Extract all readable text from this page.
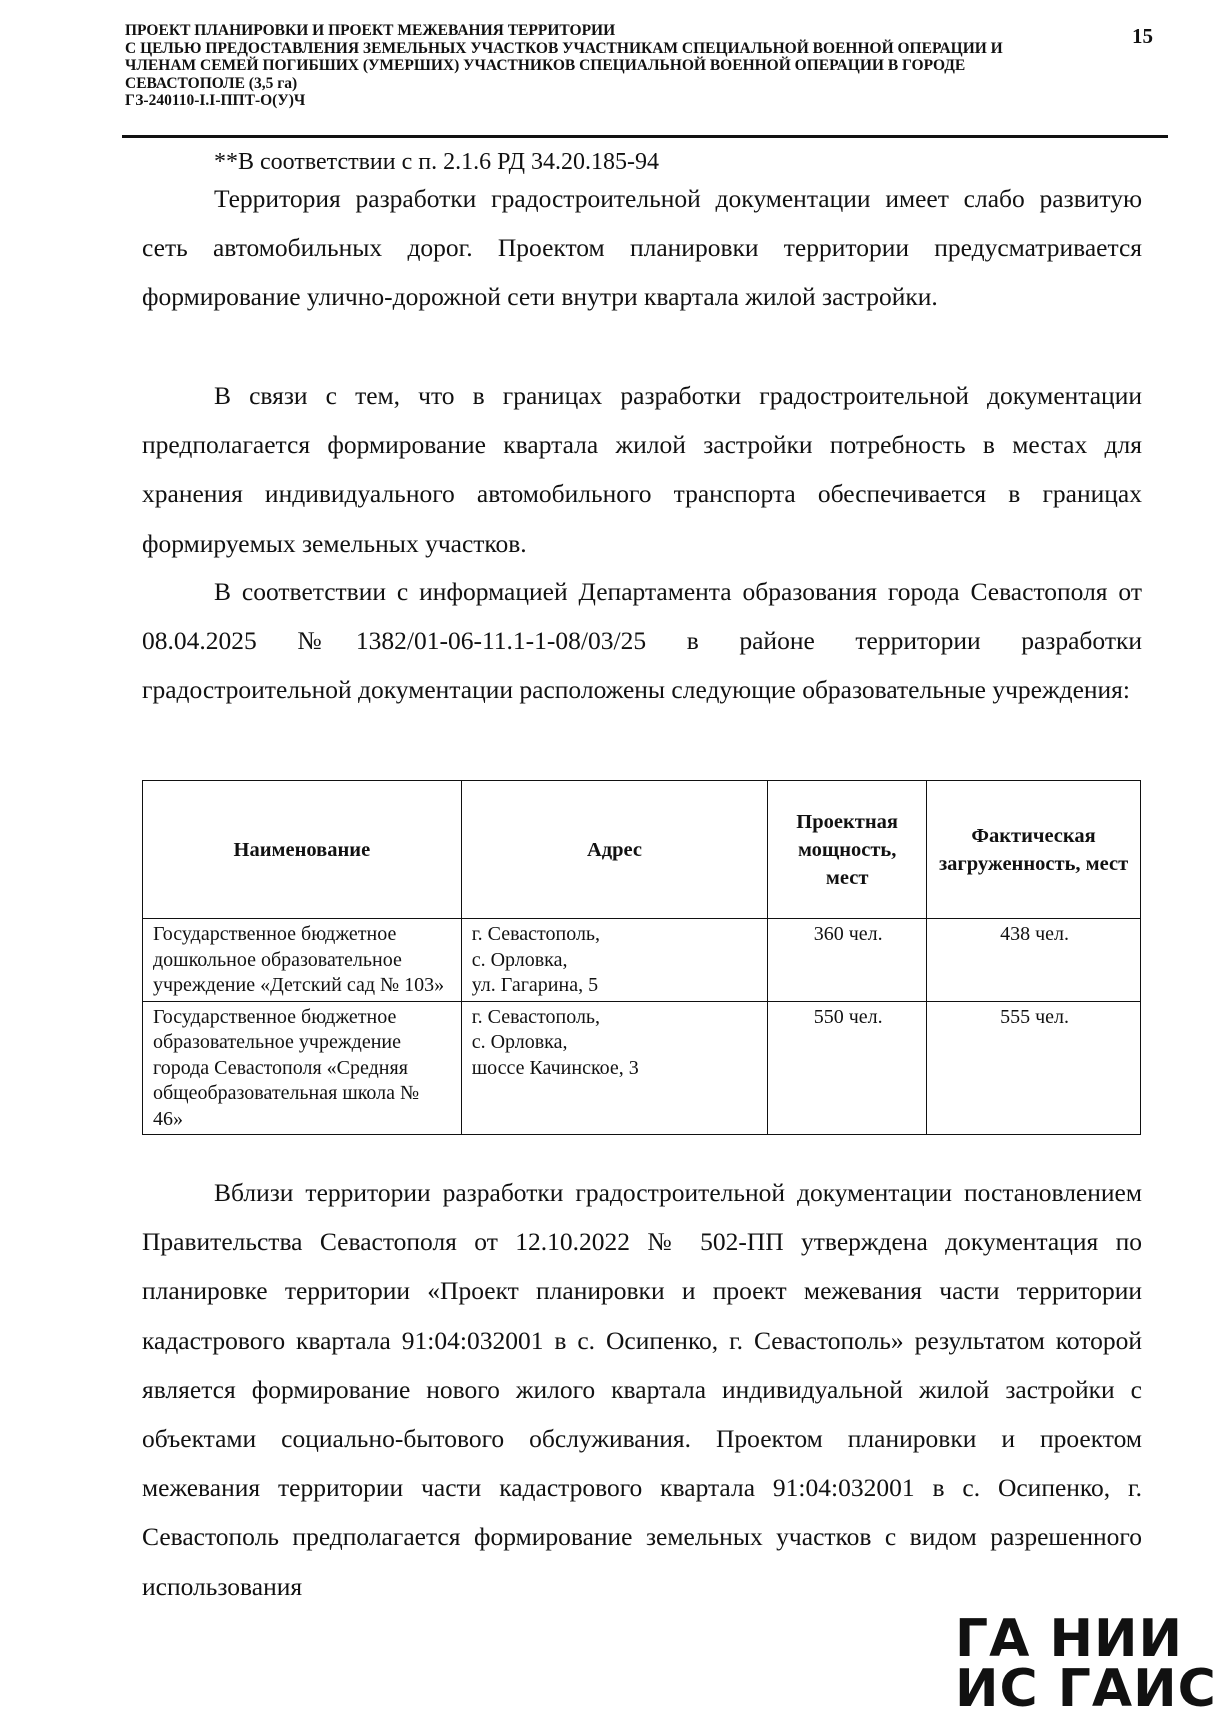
ПРОЕКТ ПЛАНИРОВКИ И ПРОЕКТ МЕЖЕВАНИЯ ТЕРРИТОРИИ
С ЦЕЛЬЮ ПРЕДОСТАВЛЕНИЯ ЗЕМЕЛЬНЫХ УЧАСТКОВ УЧАСТНИКАМ СПЕЦИАЛЬНОЙ ВОЕННОЙ ОПЕРАЦИИ И
ЧЛЕНАМ СЕМЕЙ ПОГИБШИХ (УМЕРШИХ) УЧАСТНИКОВ СПЕЦИАЛЬНОЙ ВОЕННОЙ ОПЕРАЦИИ В ГОРОДЕ
СЕВАСТОПОЛЕ (3,5 га)
ГЗ-240110-I.I-ППТ-О(У)Ч
15
**В соответствии с п. 2.1.6 РД 34.20.185-94

Территория разработки градостроительной документации имеет слабо развитую сеть автомобильных дорог. Проектом планировки территории предусматривается формирование улично-дорожной сети внутри квартала жилой застройки.

В связи с тем, что в границах разработки градостроительной документации предполагается формирование квартала жилой застройки потребность в местах для хранения индивидуального автомобильного транспорта обеспечивается в границах формируемых земельных участков.

В соответствии с информацией Департамента образования города Севастополя от 08.04.2025 №1382/01-06-11.1-1-08/03/25 в районе территории разработки градостроительной документации расположены следующие образовательные учреждения:

Наименование	Адрес	Проектная мощность, мест	Фактическая загруженность, мест
Государственное бюджетное дошкольное образовательное учреждение «Детский сад № 103»	г. Севастополь,
с. Орловка,
ул. Гагарина, 5	360 чел.	438 чел.
Государственное бюджетное образовательное учреждение города Севастополя «Средняя общеобразовательная школа № 46»	г. Севастополь,
с. Орловка,
шоссе Качинское, 3	550 чел.	555 чел.

Вблизи территории разработки градостроительной документации постановлением Правительства Севастополя от 12.10.2022 № 502-ПП утверждена документация по планировке территории «Проект планировки и проект межевания части территории кадастрового квартала 91:04:032001 в с. Осипенко, г. Севастополь» результатом которой является формирование нового жилого квартала индивидуальной жилой застройки с объектами социально-бытового обслуживания. Проектом планировки и проектом межевания территории части кадастрового квартала 91:04:032001 в с. Осипенко, г. Севастополь предполагается формирование земельных участков с видом разрешенного использования

ГА НИИ
ИС ГАИС
